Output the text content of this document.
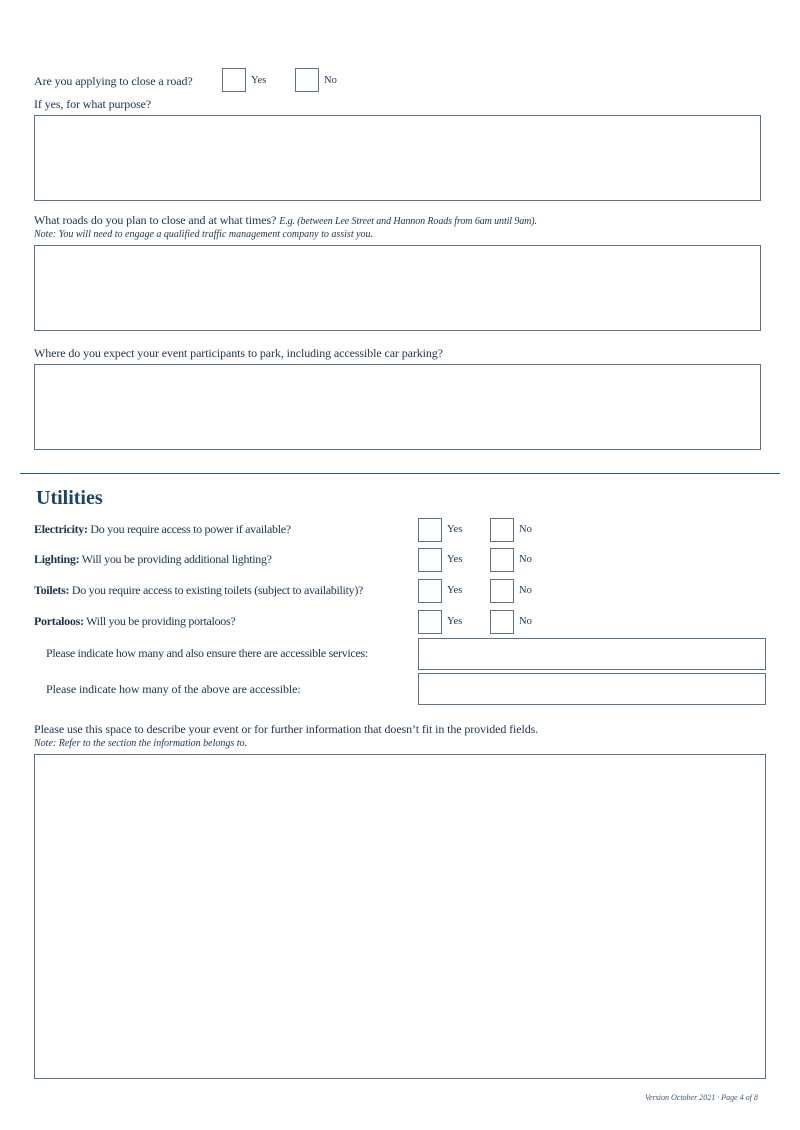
Are you applying to close a road?	Yes	No
If yes, for what purpose?
What roads do you plan to close and at what times? E.g. (between Lee Street and Hannon Roads from 6am until 9am).
Note: You will need to engage a qualified traffic management company to assist you.
Where do you expect your event participants to park, including accessible car parking?
Utilities
Electricity: Do you require access to power if available?	Yes	No
Lighting: Will you be providing additional lighting?	Yes	No
Toilets: Do you require access to existing toilets (subject to availability)?	Yes	No
Portaloos: Will you be providing portaloos?	Yes	No
Please indicate how many and also ensure there are accessible services:
Please indicate how many of the above are accessible:
Please use this space to describe your event or for further information that doesn’t fit in the provided fields.
Note: Refer to the section the information belongs to.
Version October 2021 · Page 4 of 8
